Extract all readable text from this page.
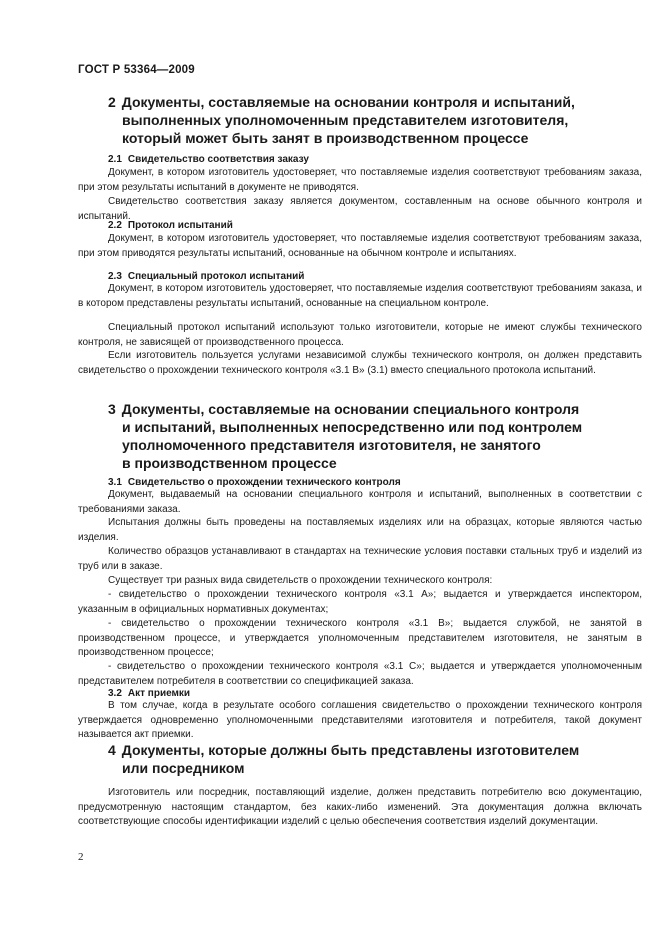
ГОСТ Р 53364—2009
2 Документы, составляемые на основании контроля и испытаний,
выполненных уполномоченным представителем изготовителя,
который может быть занят в производственном процессе
2.1 Свидетельство соответствия заказу

Документ, в котором изготовитель удостоверяет, что поставляемые изделия соответствуют требованиям заказа, при этом результаты испытаний в документе не приводятся.

Свидетельство соответствия заказу является документом, составленным на основе обычного контроля и испытаний.

2.2 Протокол испытаний

Документ, в котором изготовитель удостоверяет, что поставляемые изделия соответствуют требованиям заказа, при этом приводятся результаты испытаний, основанные на обычном контроле и испытаниях.

2.3 Специальный протокол испытаний

Документ, в котором изготовитель удостоверяет, что поставляемые изделия соответствуют требованиям заказа, и в котором представлены результаты испытаний, основанные на специальном контроле.

Специальный протокол испытаний используют только изготовители, которые не имеют службы технического контроля, не зависящей от производственного процесса.

Если изготовитель пользуется услугами независимой службы технического контроля, он должен представить свидетельство о прохождении технического контроля «3.1 В» (3.1) вместо специального протокола испытаний.

3 Документы, составляемые на основании специального контроля
и испытаний, выполненных непосредственно или под контролем
уполномоченного представителя изготовителя, не занятого
в производственном процессе
3.1 Свидетельство о прохождении технического контроля

Документ, выдаваемый на основании специального контроля и испытаний, выполненных в соответствии с требованиями заказа.

Испытания должны быть проведены на поставляемых изделиях или на образцах, которые являются частью изделия.

Количество образцов устанавливают в стандартах на технические условия поставки стальных труб и изделий из труб или в заказе.

Существует три разных вида свидетельств о прохождении технического контроля:

- свидетельство о прохождении технического контроля «3.1 А»; выдается и утверждается инспектором, указанным в официальных нормативных документах;

- свидетельство о прохождении технического контроля «3.1 В»; выдается службой, не занятой в производственном процессе, и утверждается уполномоченным представителем изготовителя, не занятым в производственном процессе;

- свидетельство о прохождении технического контроля «3.1 С»; выдается и утверждается уполномоченным представителем потребителя в соответствии со спецификацией заказа.

3.2 Акт приемки

В том случае, когда в результате особого соглашения свидетельство о прохождении технического контроля утверждается одновременно уполномоченными представителями изготовителя и потребителя, такой документ называется акт приемки.

4 Документы, которые должны быть представлены изготовителем
или посредником

Изготовитель или посредник, поставляющий изделие, должен представить потребителю всю документацию, предусмотренную настоящим стандартом, без каких-либо изменений. Эта документация должна включать соответствующие способы идентификации изделий с целью обеспечения соответствия изделий документации.

2
